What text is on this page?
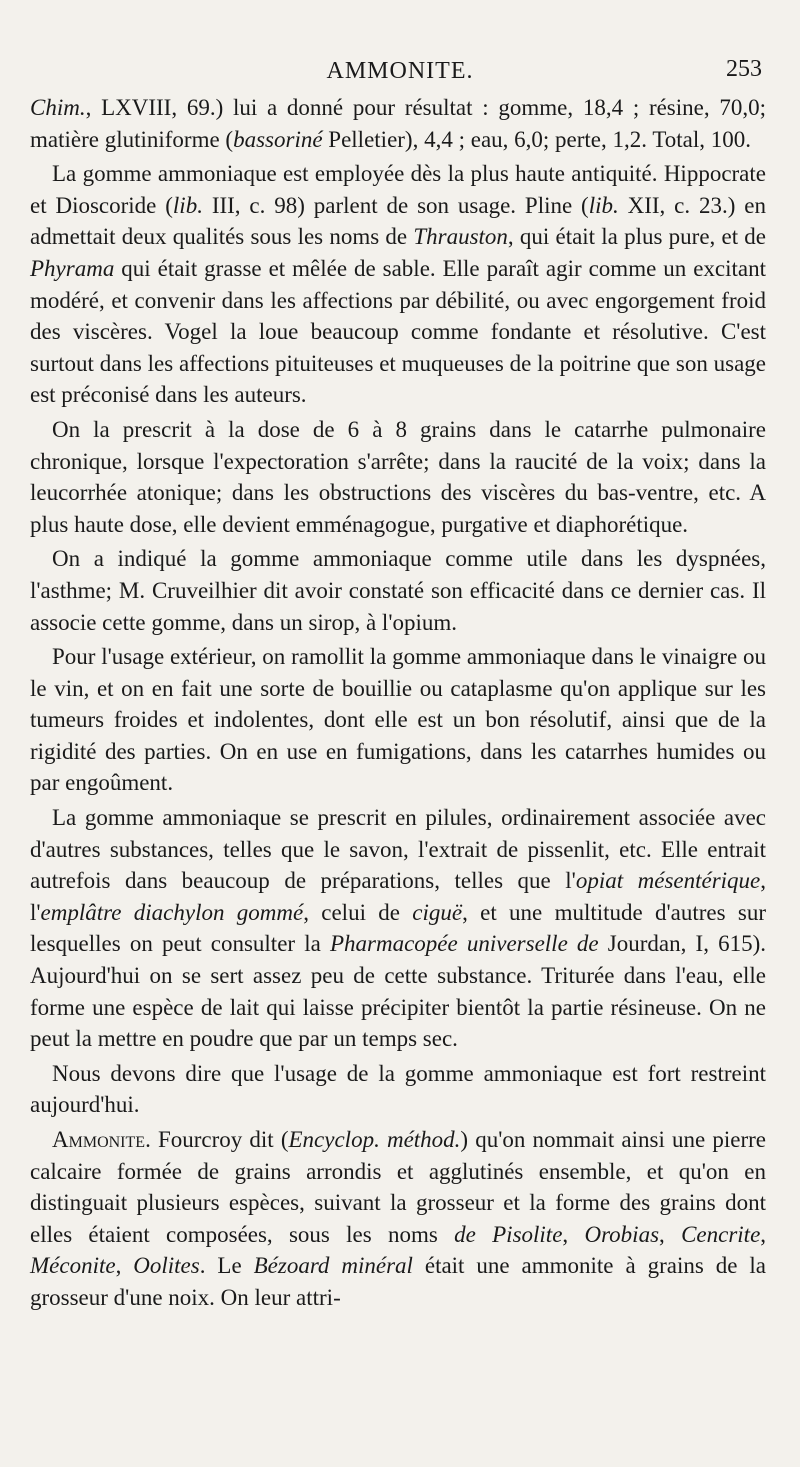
AMMONITE.	253

Chim., LXVIII, 69.) lui a donné pour résultat : gomme, 18,4 ; résine, 70,0; matière glutiniforme (bassoriné Pelletier), 4,4 ; eau, 6,0; perte, 1,2. Total, 100.

La gomme ammoniaque est employée dès la plus haute antiquité. Hippocrate et Dioscoride (lib. III, c. 98) parlent de son usage. Pline (lib. XII, c. 23.) en admettait deux qualités sous les noms de Thrauston, qui était la plus pure, et de Phyrama qui était grasse et mêlée de sable. Elle paraît agir comme un excitant modéré, et convenir dans les affections par débilité, ou avec engorgement froid des viscères. Vogel la loue beaucoup comme fondante et résolutive. C'est surtout dans les affections pituiteuses et muqueuses de la poitrine que son usage est préconisé dans les auteurs.

On la prescrit à la dose de 6 à 8 grains dans le catarrhe pulmonaire chronique, lorsque l'expectoration s'arrête; dans la raucité de la voix; dans la leucorrhée atonique; dans les obstructions des viscères du bas-ventre, etc. A plus haute dose, elle devient emménagogue, purgative et diaphorétique.

On a indiqué la gomme ammoniaque comme utile dans les dyspnées, l'asthme; M. Cruveilhier dit avoir constaté son efficacité dans ce dernier cas. Il associe cette gomme, dans un sirop, à l'opium.

Pour l'usage extérieur, on ramollit la gomme ammoniaque dans le vinaigre ou le vin, et on en fait une sorte de bouillie ou cataplasme qu'on applique sur les tumeurs froides et indolentes, dont elle est un bon résolutif, ainsi que de la rigidité des parties. On en use en fumigations, dans les catarrhes humides ou par engoûment.

La gomme ammoniaque se prescrit en pilules, ordinairement associée avec d'autres substances, telles que le savon, l'extrait de pissenlit, etc. Elle entrait autrefois dans beaucoup de préparations, telles que l'opiat mésentérique, l'emplâtre diachylon gommé, celui de ciguë, et une multitude d'autres sur lesquelles on peut consulter la Pharmacopée universelle de Jourdan, I, 615). Aujourd'hui on se sert assez peu de cette substance. Triturée dans l'eau, elle forme une espèce de lait qui laisse précipiter bientôt la partie résineuse. On ne peut la mettre en poudre que par un temps sec.

Nous devons dire que l'usage de la gomme ammoniaque est fort restreint aujourd'hui.

Ammonite. Fourcroy dit (Encyclop. méthod.) qu'on nommait ainsi une pierre calcaire formée de grains arrondis et agglutinés ensemble, et qu'on en distinguait plusieurs espèces, suivant la grosseur et la forme des grains dont elles étaient composées, sous les noms de Pisolite, Orobias, Cencrite, Méconite, Oolites. Le Bézoard minéral était une ammonite à grains de la grosseur d'une noix. On leur attri-
